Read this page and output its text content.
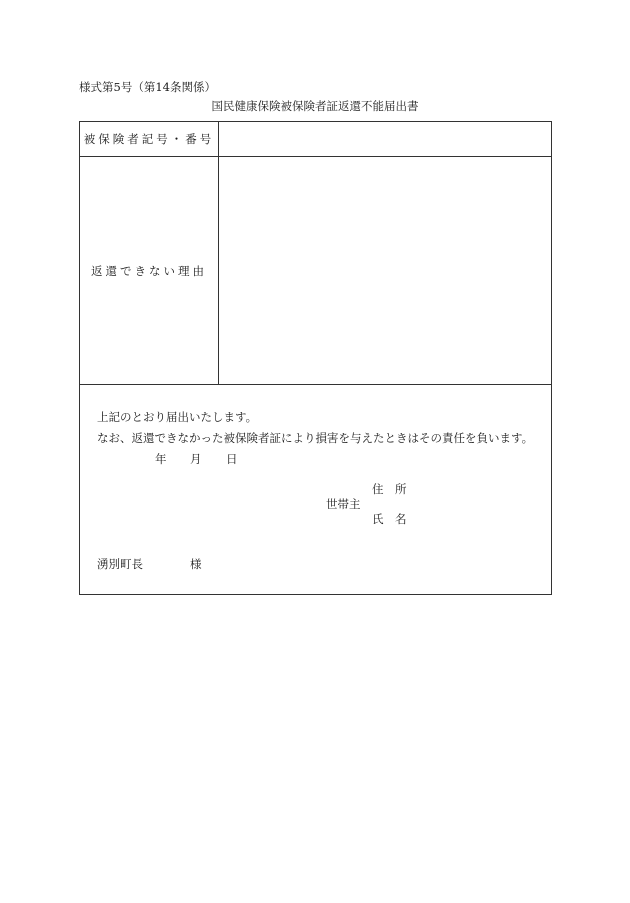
様式第5号（第14条関係）
国民健康保険被保険者証返還不能届出書
被保険者記号・番号
返還できない理由
上記のとおり届出いたします。
なお、返還できなかった被保険者証により損害を与えたときはその責任を負います。
年 月 日
住　所
世帯主
氏　名
湧別町長	様
